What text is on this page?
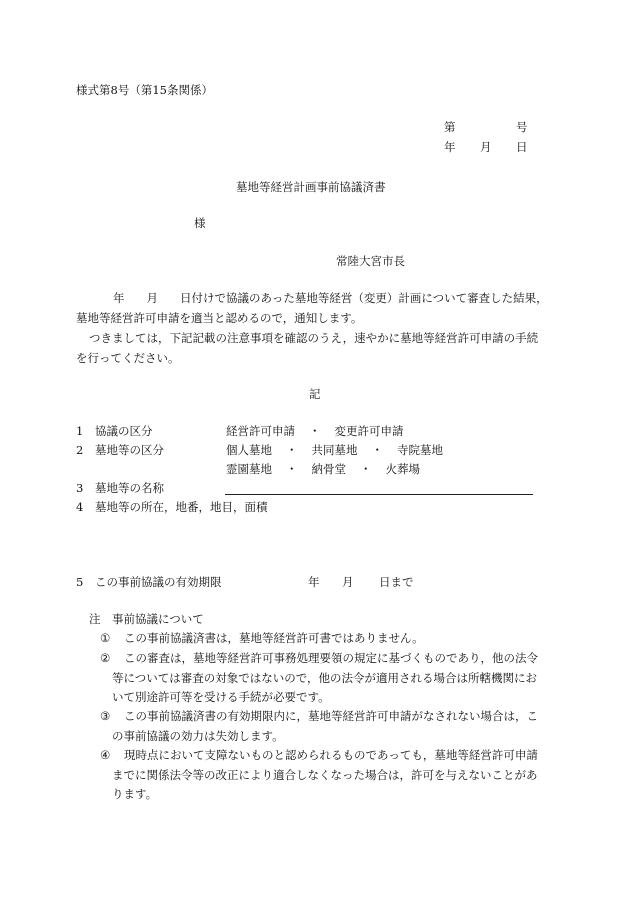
様式第8号（第15条関係）
第	号
年 月 日
墓地等経営計画事前協議済書
様
常陸大宮市長
年 月 日付けで協議のあった墓地等経営（変更）計画について審査した結果，
墓地等経営許可申請を適当と認めるので，通知します。
つきましては，下記記載の注意事項を確認のうえ，速やかに墓地等経営許可申請の手続
を行ってください。
記
1 協議の区分	経営許可申請 ・ 変更許可申請
2 墓地等の区分	個人墓地 ・ 共同墓地 ・ 寺院墓地
霊園墓地 ・ 納骨堂 ・ 火葬場
3 墓地等の名称
4 墓地等の所在，地番，地目，面積
5 この事前協議の有効期限	年 月 日まで
注　事前協議について
① この事前協議済書は，墓地等経営許可書ではありません。
② この審査は，墓地等経営許可事務処理要領の規定に基づくものであり，他の法令
等については審査の対象ではないので，他の法令が適用される場合は所轄機関にお
いて別途許可等を受ける手続が必要です。
③ この事前協議済書の有効期限内に，墓地等経営許可申請がなされない場合は，こ
の事前協議の効力は失効します。
④ 現時点において支障ないものと認められるものであっても，墓地等経営許可申請
までに関係法令等の改正により適合しなくなった場合は，許可を与えないことがあ
ります。
